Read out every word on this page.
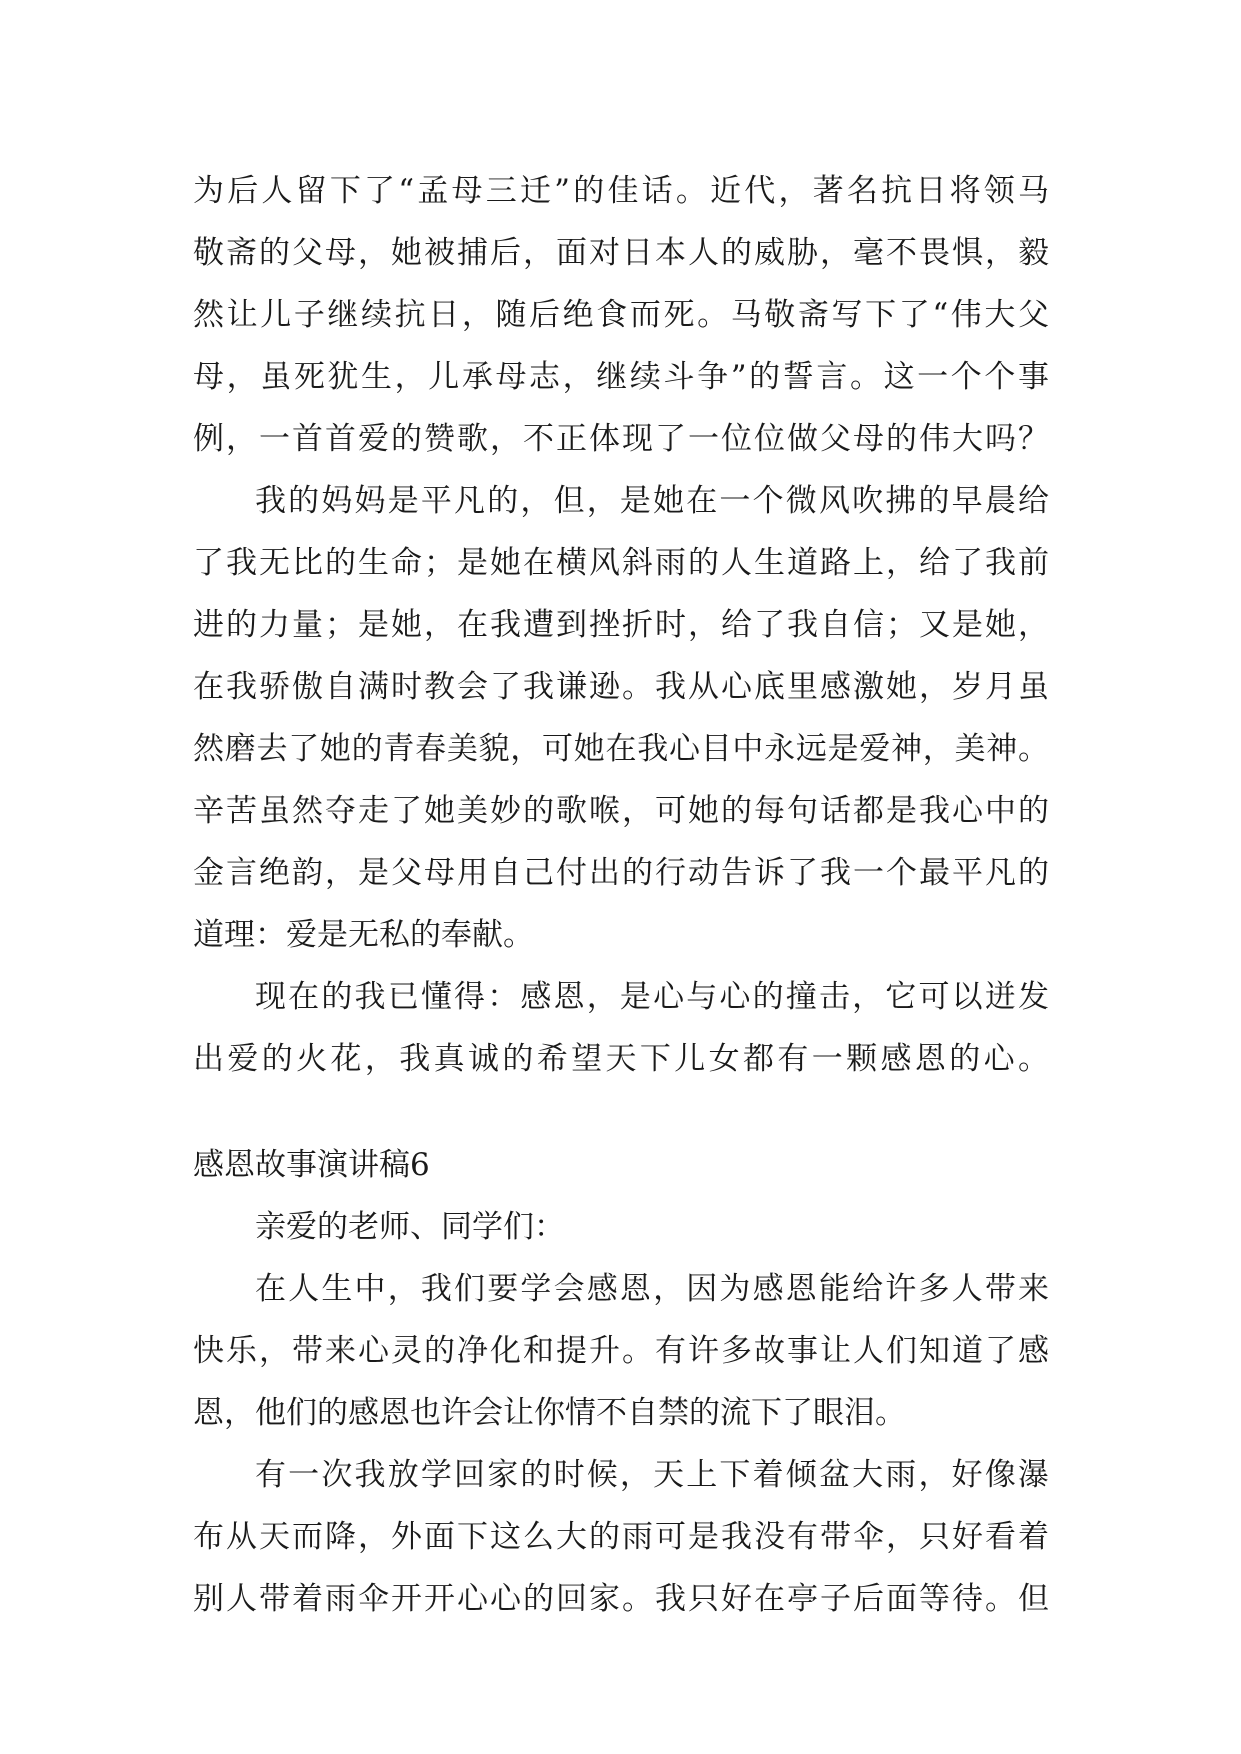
为后人留下了“孟母三迁”的佳话。近代，著名抗日将领马
敬斋的父母，她被捕后，面对日本人的威胁，毫不畏惧，毅
然让儿子继续抗日，随后绝食而死。马敬斋写下了“伟大父
母，虽死犹生，儿承母志，继续斗争”的誓言。这一个个事
例，一首首爱的赞歌，不正体现了一位位做父母的伟大吗？
我的妈妈是平凡的，但，是她在一个微风吹拂的早晨给
了我无比的生命；是她在横风斜雨的人生道路上，给了我前
进的力量；是她，在我遭到挫折时，给了我自信；又是她，
在我骄傲自满时教会了我谦逊。我从心底里感激她，岁月虽
然磨去了她的青春美貌，可她在我心目中永远是爱神，美神。
辛苦虽然夺走了她美妙的歌喉，可她的每句话都是我心中的
金言绝韵，是父母用自己付出的行动告诉了我一个最平凡的
道理：爱是无私的奉献。
现在的我已懂得：感恩，是心与心的撞击，它可以迸发
出爱的火花，我真诚的希望天下儿女都有一颗感恩的心。
感恩故事演讲稿6
亲爱的老师、同学们：
在人生中，我们要学会感恩，因为感恩能给许多人带来
快乐，带来心灵的净化和提升。有许多故事让人们知道了感
恩，他们的感恩也许会让你情不自禁的流下了眼泪。
有一次我放学回家的时候，天上下着倾盆大雨，好像瀑
布从天而降，外面下这么大的雨可是我没有带伞，只好看着
别人带着雨伞开开心心的回家。我只好在亭子后面等待。但
